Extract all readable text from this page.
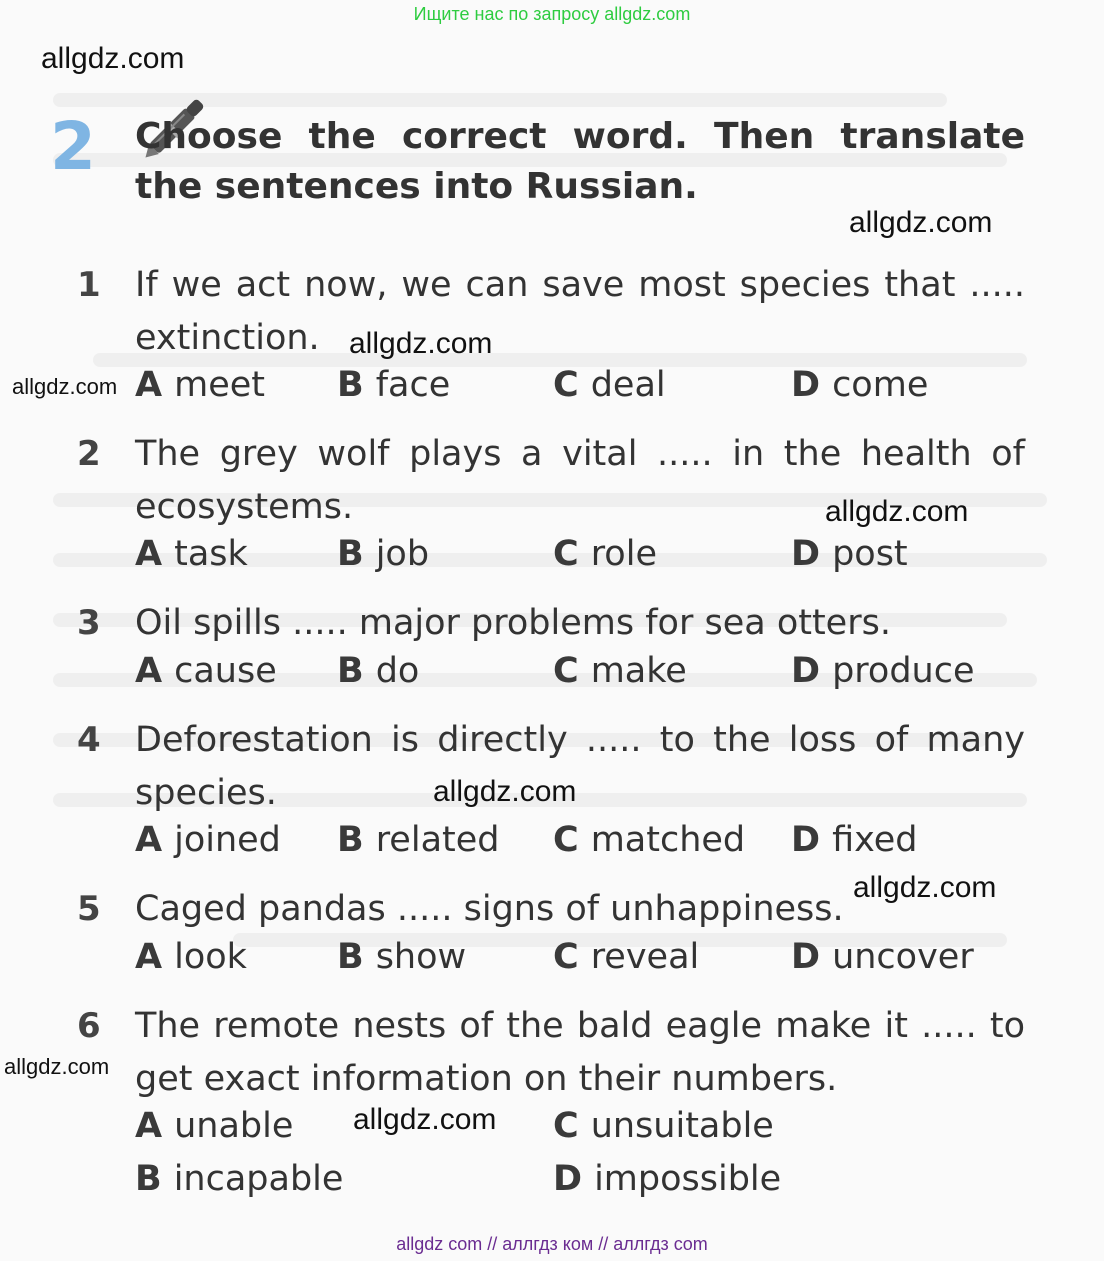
Ищите нас по запросу allgdz.com
allgdz.com
allgdz.com
allgdz.com
allgdz.com
allgdz.com
allgdz.com
allgdz.com
allgdz.com
allgdz.com
2 Choose the correct word. Then translate the sentences into Russian.
1 If we act now, we can save most species that ..... extinction.
A meet B face	C deal	D come
2 The grey wolf plays a vital ..... in the health of ecosystems.
A task	B job	C role	D post
3 Oil spills ..... major problems for sea otters.
A cause B do	C make	D produce
4 Deforestation is directly ..... to the loss of many species.
A joined B related C matched D fixed
5 Caged pandas ..... signs of unhappiness.
A look	B show C reveal	D uncover
6 The remote nests of the bald eagle make it ..... to get exact information on their numbers.
A unable	C unsuitable
B incapable	D impossible
allgdz com // аллгдз ком // аллгдз com
